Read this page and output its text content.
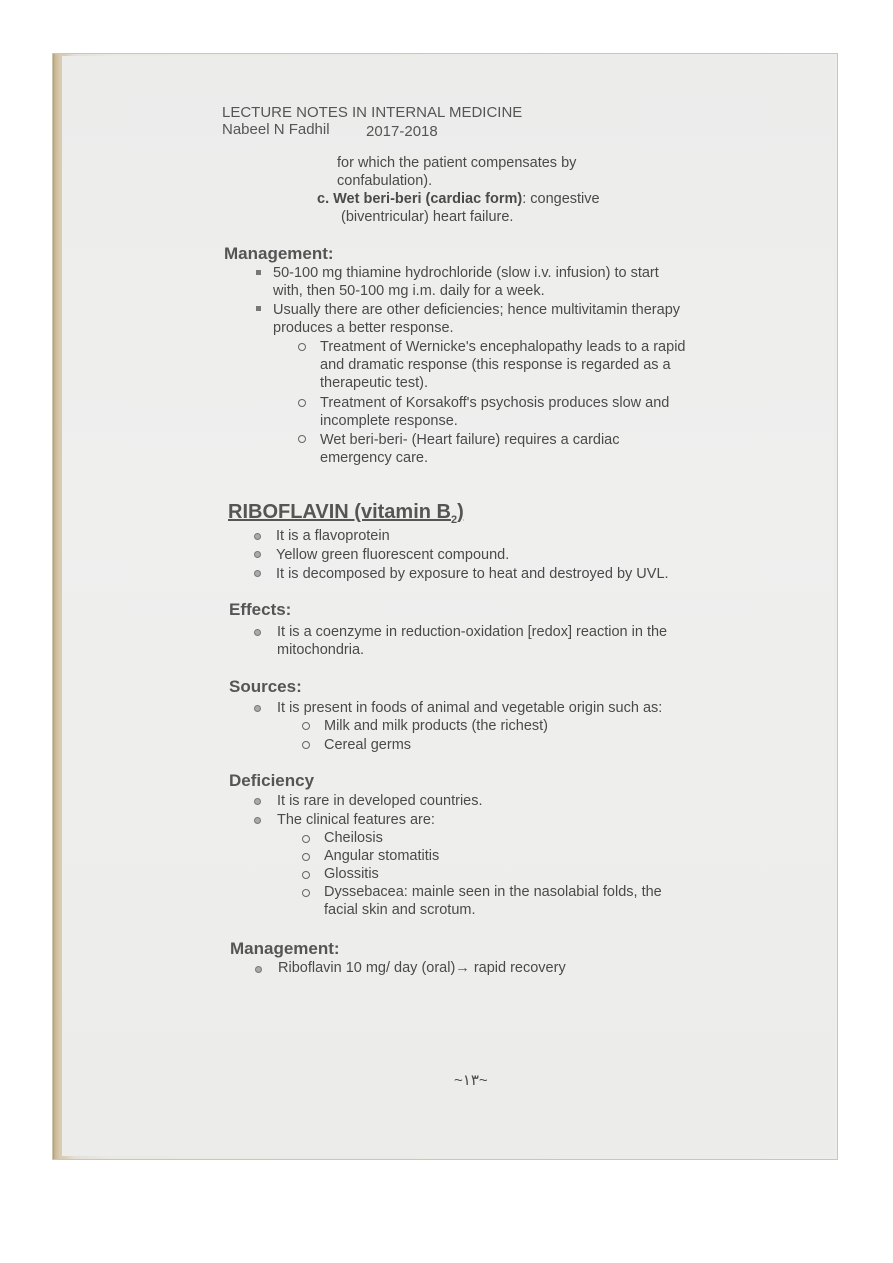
LECTURE NOTES IN INTERNAL MEDICINE
Nabeel N Fadhil 2017-2018
for which the patient compensates by
confabulation).
c. Wet beri-beri (cardiac form): congestive
(biventricular) heart failure.
Management:
50-100 mg thiamine hydrochloride (slow i.v. infusion) to start
with, then 50-100 mg i.m. daily for a week.
Usually there are other deficiencies; hence multivitamin therapy
produces a better response.
Treatment of Wernicke's encephalopathy leads to a rapid
and dramatic response (this response is regarded as a
therapeutic test).
Treatment of Korsakoff's psychosis produces slow and
incomplete response.
Wet beri-beri- (Heart failure) requires a cardiac
emergency care.
RIBOFLAVIN (vitamin $B_2$)
It is a flavoprotein
Yellow green fluorescent compound.
It is decomposed by exposure to heat and destroyed by UVL.
Effects:
It is a coenzyme in reduction-oxidation [redox] reaction in the
mitochondria.
Sources:
It is present in foods of animal and vegetable origin such as:
Milk and milk products (the richest)
Cereal germs
Deficiency
It is rare in developed countries.
The clinical features are:
Cheilosis
Angular stomatitis
Glossitis
Dyssebacea: mainle seen in the nasolabial folds, the
facial skin and scrotum.
Management:
Riboflavin 10 mg/ day (oral)→ rapid recovery
~١٣~
